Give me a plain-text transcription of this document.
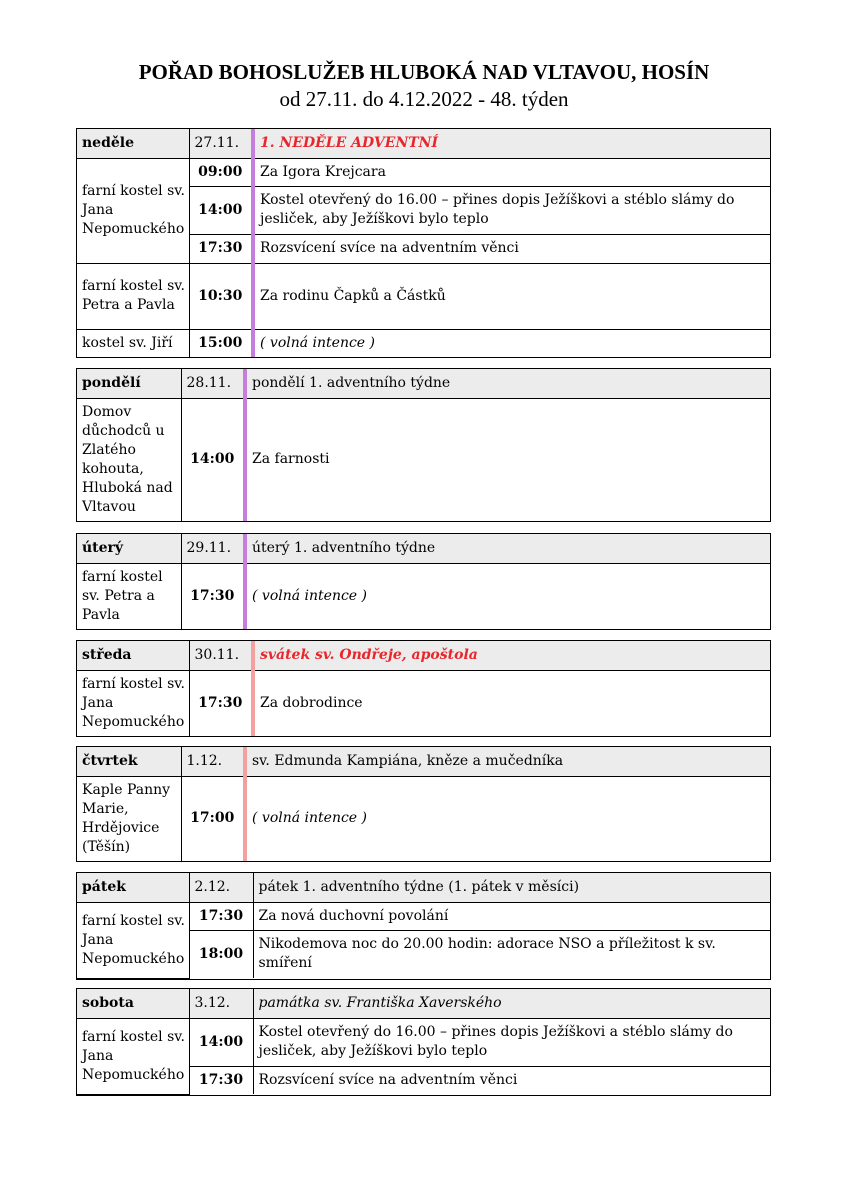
POŘAD BOHOSLUŽEB HLUBOKÁ NAD VLTAVOU, HOSÍN
od 27.11. do 4.12.2022 - 48. týden
neděle	27.11.	1. NEDĚLE ADVENTNÍ
farní kostel sv. Jana Nepomuckého	09:00	Za Igora Krejcara
	14:00	Kostel otevřený do 16.00 – přines dopis Ježíškovi a stéblo slámy do jesliček, aby Ježíškovi bylo teplo
	17:30	Rozsvícení svíce na adventním věnci
farní kostel sv. Petra a Pavla	10:30	Za rodinu Čapků a Částků
kostel sv. Jiří	15:00	( volná intence )
pondělí	28.11.	pondělí 1. adventního týdne
Domov důchodců u Zlatého kohouta, Hluboká nad Vltavou	14:00	Za farnosti
úterý	29.11.	úterý 1. adventního týdne
farní kostel sv. Petra a Pavla	17:30	( volná intence )
středa	30.11.	svátek sv. Ondřeje, apoštola
farní kostel sv. Jana Nepomuckého	17:30	Za dobrodince
čtvrtek	1.12.	sv. Edmunda Kampiána, kněze a mučedníka
Kaple Panny Marie, Hrdějovice (Těšín)	17:00	( volná intence )
pátek	2.12.	pátek 1. adventního týdne (1. pátek v měsíci)
farní kostel sv. Jana Nepomuckého	17:30	Za nová duchovní povolání
	18:00	Nikodemova noc do 20.00 hodin: adorace NSO a příležitost k sv. smíření
sobota	3.12.	památka sv. Františka Xaverského
farní kostel sv. Jana Nepomuckého	14:00	Kostel otevřený do 16.00 – přines dopis Ježíškovi a stéblo slámy do jesliček, aby Ježíškovi bylo teplo
	17:30	Rozsvícení svíce na adventním věnci
